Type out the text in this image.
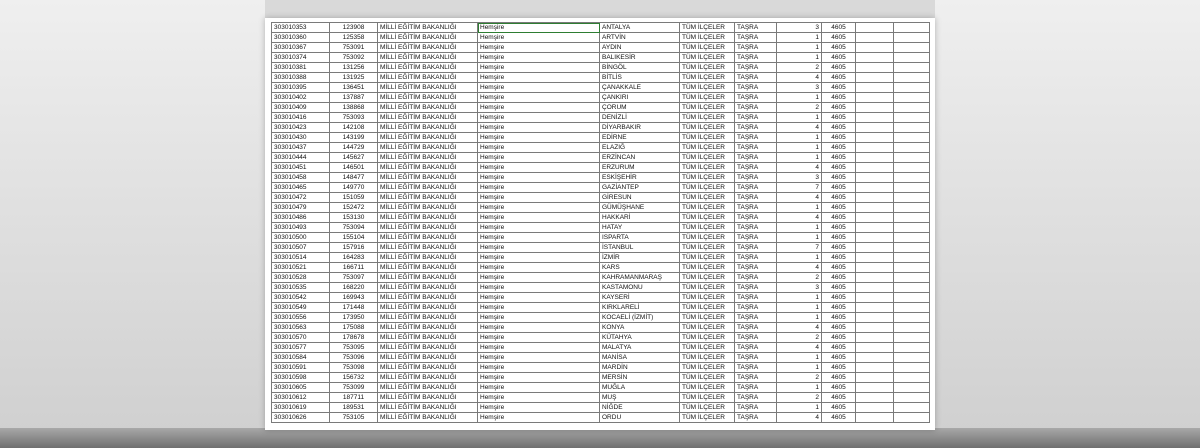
303010353	123908	MİLLİ EĞİTİM BAKANLIĞI	Hemşire	ANTALYA	TÜM İLÇELER	TAŞRA	3	4605		
303010360	125358	MİLLİ EĞİTİM BAKANLIĞI	Hemşire	ARTVİN	TÜM İLÇELER	TAŞRA	1	4605		
303010367	753091	MİLLİ EĞİTİM BAKANLIĞI	Hemşire	AYDIN	TÜM İLÇELER	TAŞRA	1	4605		
303010374	753092	MİLLİ EĞİTİM BAKANLIĞI	Hemşire	BALIKESİR	TÜM İLÇELER	TAŞRA	1	4605		
303010381	131256	MİLLİ EĞİTİM BAKANLIĞI	Hemşire	BİNGÖL	TÜM İLÇELER	TAŞRA	2	4605		
303010388	131925	MİLLİ EĞİTİM BAKANLIĞI	Hemşire	BİTLİS	TÜM İLÇELER	TAŞRA	4	4605		
303010395	136451	MİLLİ EĞİTİM BAKANLIĞI	Hemşire	ÇANAKKALE	TÜM İLÇELER	TAŞRA	3	4605		
303010402	137887	MİLLİ EĞİTİM BAKANLIĞI	Hemşire	ÇANKIRI	TÜM İLÇELER	TAŞRA	1	4605		
303010409	138868	MİLLİ EĞİTİM BAKANLIĞI	Hemşire	ÇORUM	TÜM İLÇELER	TAŞRA	2	4605		
303010416	753093	MİLLİ EĞİTİM BAKANLIĞI	Hemşire	DENİZLİ	TÜM İLÇELER	TAŞRA	1	4605		
303010423	142108	MİLLİ EĞİTİM BAKANLIĞI	Hemşire	DİYARBAKIR	TÜM İLÇELER	TAŞRA	4	4605		
303010430	143199	MİLLİ EĞİTİM BAKANLIĞI	Hemşire	EDİRNE	TÜM İLÇELER	TAŞRA	1	4605		
303010437	144729	MİLLİ EĞİTİM BAKANLIĞI	Hemşire	ELAZIĞ	TÜM İLÇELER	TAŞRA	1	4605		
303010444	145627	MİLLİ EĞİTİM BAKANLIĞI	Hemşire	ERZİNCAN	TÜM İLÇELER	TAŞRA	1	4605		
303010451	146501	MİLLİ EĞİTİM BAKANLIĞI	Hemşire	ERZURUM	TÜM İLÇELER	TAŞRA	4	4605		
303010458	148477	MİLLİ EĞİTİM BAKANLIĞI	Hemşire	ESKİŞEHİR	TÜM İLÇELER	TAŞRA	3	4605		
303010465	149770	MİLLİ EĞİTİM BAKANLIĞI	Hemşire	GAZİANTEP	TÜM İLÇELER	TAŞRA	7	4605		
303010472	151059	MİLLİ EĞİTİM BAKANLIĞI	Hemşire	GİRESUN	TÜM İLÇELER	TAŞRA	4	4605		
303010479	152472	MİLLİ EĞİTİM BAKANLIĞI	Hemşire	GÜMÜŞHANE	TÜM İLÇELER	TAŞRA	1	4605		
303010486	153130	MİLLİ EĞİTİM BAKANLIĞI	Hemşire	HAKKARİ	TÜM İLÇELER	TAŞRA	4	4605		
303010493	753094	MİLLİ EĞİTİM BAKANLIĞI	Hemşire	HATAY	TÜM İLÇELER	TAŞRA	1	4605		
303010500	155104	MİLLİ EĞİTİM BAKANLIĞI	Hemşire	ISPARTA	TÜM İLÇELER	TAŞRA	1	4605		
303010507	157916	MİLLİ EĞİTİM BAKANLIĞI	Hemşire	İSTANBUL	TÜM İLÇELER	TAŞRA	7	4605		
303010514	164283	MİLLİ EĞİTİM BAKANLIĞI	Hemşire	İZMİR	TÜM İLÇELER	TAŞRA	1	4605		
303010521	166711	MİLLİ EĞİTİM BAKANLIĞI	Hemşire	KARS	TÜM İLÇELER	TAŞRA	4	4605		
303010528	753097	MİLLİ EĞİTİM BAKANLIĞI	Hemşire	KAHRAMANMARAŞ	TÜM İLÇELER	TAŞRA	2	4605		
303010535	168220	MİLLİ EĞİTİM BAKANLIĞI	Hemşire	KASTAMONU	TÜM İLÇELER	TAŞRA	3	4605		
303010542	169943	MİLLİ EĞİTİM BAKANLIĞI	Hemşire	KAYSERİ	TÜM İLÇELER	TAŞRA	1	4605		
303010549	171448	MİLLİ EĞİTİM BAKANLIĞI	Hemşire	KIRKLARELİ	TÜM İLÇELER	TAŞRA	1	4605		
303010556	173950	MİLLİ EĞİTİM BAKANLIĞI	Hemşire	KOCAELİ (İZMİT)	TÜM İLÇELER	TAŞRA	1	4605		
303010563	175088	MİLLİ EĞİTİM BAKANLIĞI	Hemşire	KONYA	TÜM İLÇELER	TAŞRA	4	4605		
303010570	178678	MİLLİ EĞİTİM BAKANLIĞI	Hemşire	KÜTAHYA	TÜM İLÇELER	TAŞRA	2	4605		
303010577	753095	MİLLİ EĞİTİM BAKANLIĞI	Hemşire	MALATYA	TÜM İLÇELER	TAŞRA	4	4605		
303010584	753096	MİLLİ EĞİTİM BAKANLIĞI	Hemşire	MANİSA	TÜM İLÇELER	TAŞRA	1	4605		
303010591	753098	MİLLİ EĞİTİM BAKANLIĞI	Hemşire	MARDİN	TÜM İLÇELER	TAŞRA	1	4605		
303010598	156732	MİLLİ EĞİTİM BAKANLIĞI	Hemşire	MERSİN	TÜM İLÇELER	TAŞRA	2	4605		
303010605	753099	MİLLİ EĞİTİM BAKANLIĞI	Hemşire	MUĞLA	TÜM İLÇELER	TAŞRA	1	4605		
303010612	187711	MİLLİ EĞİTİM BAKANLIĞI	Hemşire	MUŞ	TÜM İLÇELER	TAŞRA	2	4605		
303010619	189531	MİLLİ EĞİTİM BAKANLIĞI	Hemşire	NİĞDE	TÜM İLÇELER	TAŞRA	1	4605		
303010626	753105	MİLLİ EĞİTİM BAKANLIĞI	Hemşire	ORDU	TÜM İLÇELER	TAŞRA	4	4605		
